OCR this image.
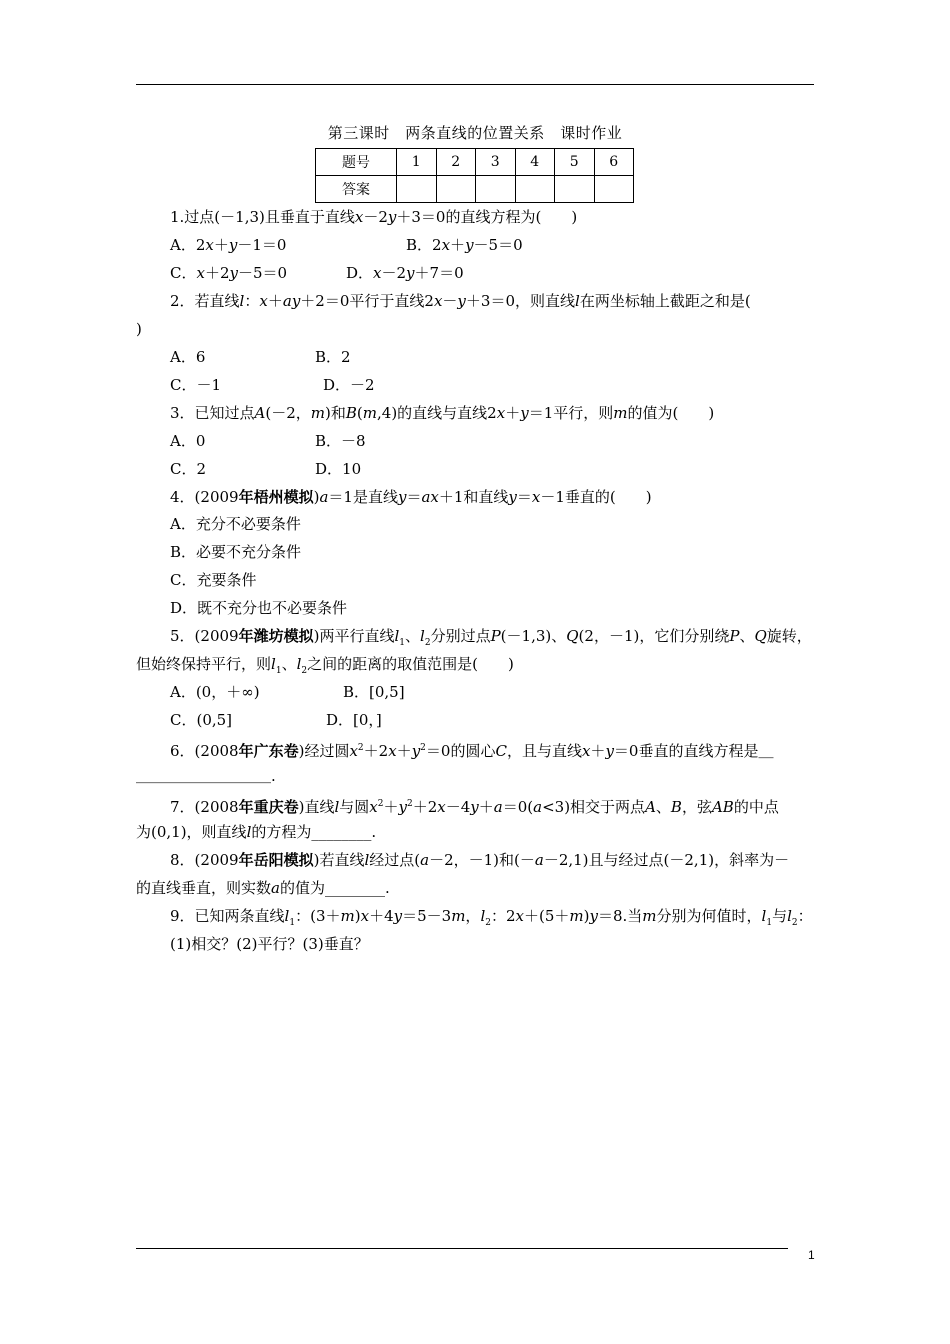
第三课时　两条直线的位置关系　课时作业
题号	1	2	3	4	5	6
答案						
1.过点(－1,3)且垂直于直线x－2y＋3＝0的直线方程为(　　)
A．2x＋y－1＝0	B．2x＋y－5＝0
C．x＋2y－5＝0	D．x－2y＋7＝0
2．若直线l：x＋ay＋2＝0平行于直线2x－y＋3＝0，则直线l在两坐标轴上截距之和是(
)
A．6	B．2
C．－1	D．－2
3．已知过点A(－2，m)和B(m,4)的直线与直线2x＋y＝1平行，则m的值为(　　)
A．0	B．－8
C．2	D．10
4．(2009年梧州模拟)a＝1是直线y＝ax＋1和直线y＝x－1垂直的(　　)
A．充分不必要条件
B．必要不充分条件
C．充要条件
D．既不充分也不必要条件
5．(2009年潍坊模拟)两平行直线$l_1$、$l_2$分别过点P(－1,3)、Q(2，－1)，它们分别绕P、Q旋转，
但始终保持平行，则$l_1$、$l_2$之间的距离的取值范围是(　　)
A．(0，＋∞)	B．[0,5]
C．(0,5]	D．[0，]
6．(2008年广东卷)经过圆$x^2+2x+y^2=0$的圆心C，且与直线x＋y＝0垂直的直线方程是＿
＿＿＿＿＿＿＿＿＿.
7．(2008年重庆卷)直线l与圆$x^2+y^2+2x-4y+a=0(a<3)$相交于两点A、B，弦AB的中点
为(0,1)，则直线l的方程为________.
8．(2009年岳阳模拟)若直线l经过点(a－2，－1)和(－a－2,1)且与经过点(－2,1)，斜率为－
的直线垂直，则实数a的值为________.
9．已知两条直线$l_1$：(3＋m)x＋4y＝5－3m，$l_2$：2x＋(5＋m)y＝8.当m分别为何值时，$l_1$与$l_2$：
(1)相交？(2)平行？(3)垂直？
1
